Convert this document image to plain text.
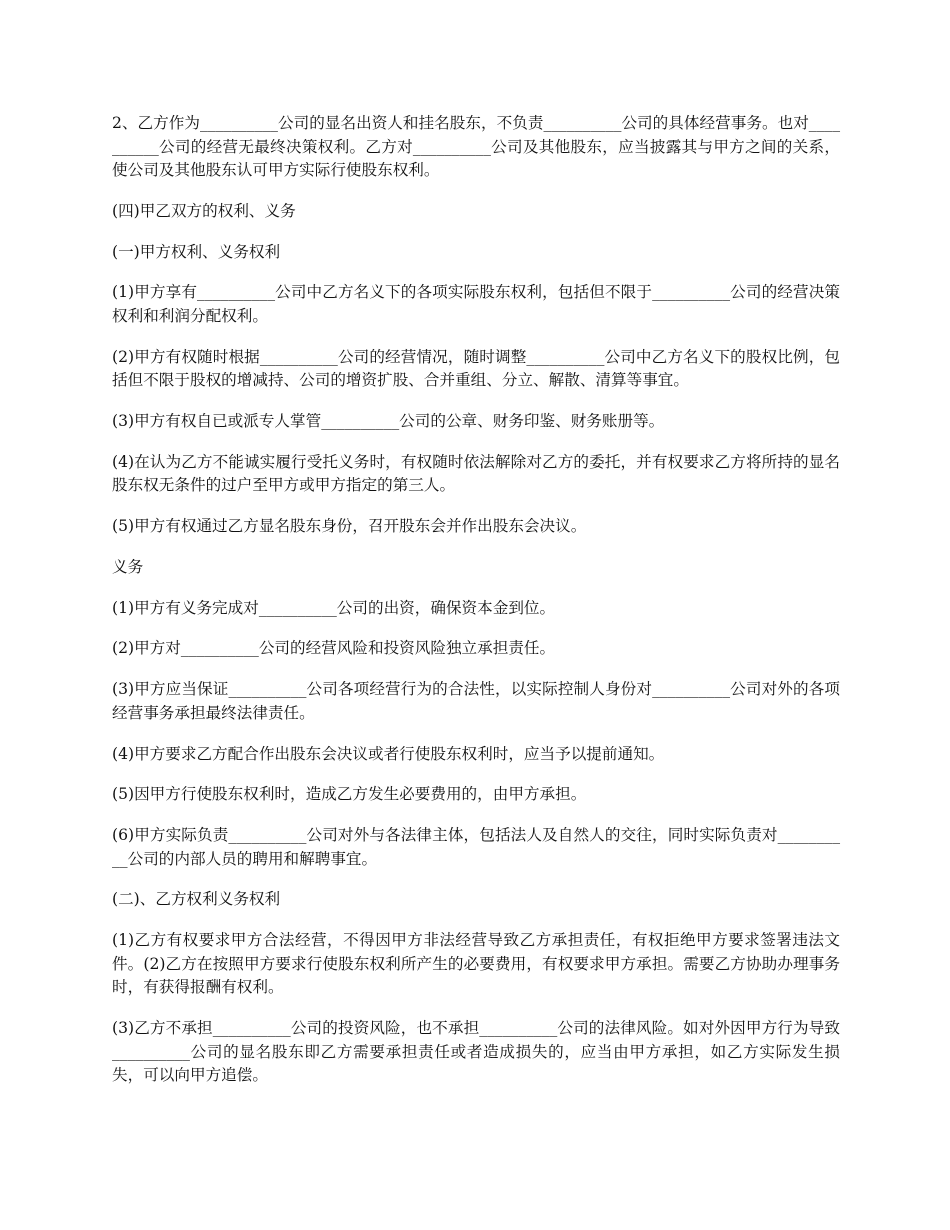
2、乙方作为__________公司的显名出资人和挂名股东，不负责__________公司的具体经营事务。也对__________公司的经营无最终决策权利。乙方对__________公司及其他股东，应当披露其与甲方之间的关系，使公司及其他股东认可甲方实际行使股东权利。

(四)甲乙双方的权利、义务

(一)甲方权利、义务权利

(1)甲方享有__________公司中乙方名义下的各项实际股东权利，包括但不限于__________公司的经营决策权利和利润分配权利。

(2)甲方有权随时根据__________公司的经营情况，随时调整__________公司中乙方名义下的股权比例，包括但不限于股权的增减持、公司的增资扩股、合并重组、分立、解散、清算等事宜。

(3)甲方有权自已或派专人掌管__________公司的公章、财务印鉴、财务账册等。

(4)在认为乙方不能诚实履行受托义务时，有权随时依法解除对乙方的委托，并有权要求乙方将所持的显名股东权无条件的过户至甲方或甲方指定的第三人。

(5)甲方有权通过乙方显名股东身份，召开股东会并作出股东会决议。

义务

(1)甲方有义务完成对__________公司的出资，确保资本金到位。

(2)甲方对__________公司的经营风险和投资风险独立承担责任。

(3)甲方应当保证__________公司各项经营行为的合法性，以实际控制人身份对__________公司对外的各项经营事务承担最终法律责任。

(4)甲方要求乙方配合作出股东会决议或者行使股东权利时，应当予以提前通知。

(5)因甲方行使股东权利时，造成乙方发生必要费用的，由甲方承担。

(6)甲方实际负责__________公司对外与各法律主体，包括法人及自然人的交往，同时实际负责对__________公司的内部人员的聘用和解聘事宜。

(二)、乙方权利义务权利

(1)乙方有权要求甲方合法经营，不得因甲方非法经营导致乙方承担责任，有权拒绝甲方要求签署违法文件。(2)乙方在按照甲方要求行使股东权利所产生的必要费用，有权要求甲方承担。需要乙方协助办理事务时，有获得报酬有权利。

(3)乙方不承担__________公司的投资风险，也不承担__________公司的法律风险。如对外因甲方行为导致__________公司的显名股东即乙方需要承担责任或者造成损失的，应当由甲方承担，如乙方实际发生损失，可以向甲方追偿。
